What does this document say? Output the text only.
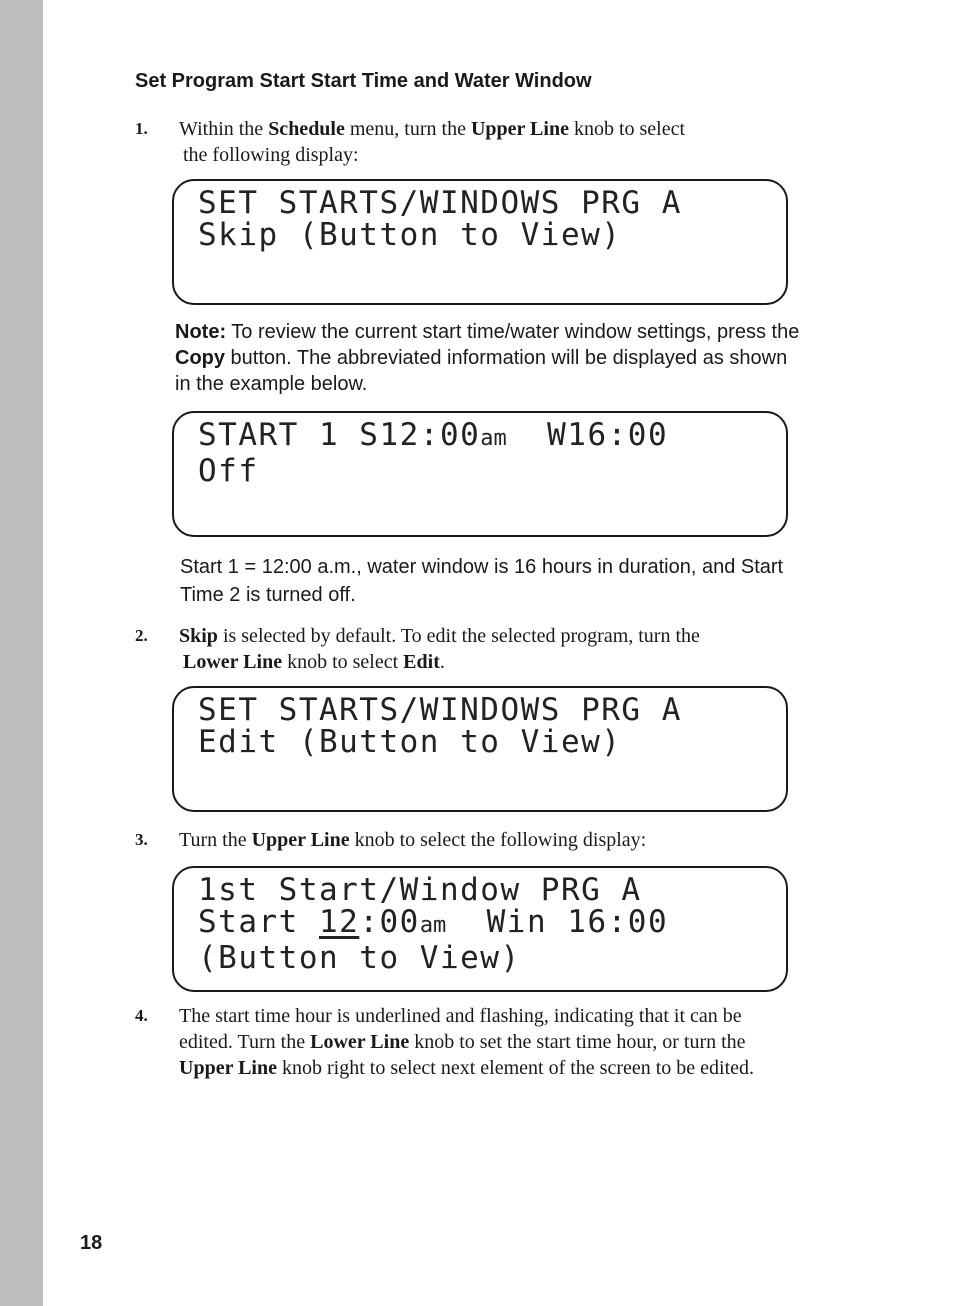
Set Program Start Start Time and Water Window
1. Within the Schedule menu, turn the Upper Line knob to select
the following display:
SET STARTS/WINDOWS PRG A
Skip (Button to View)
Note: To review the current start time/water window settings, press the Copy button. The abbreviated information will be displayed as shown in the example below.
START 1 S12:00am  W16:00
Off
Start 1 = 12:00 a.m., water window is 16 hours in duration, and Start Time 2 is turned off.
2. Skip is selected by default. To edit the selected program, turn the
Lower Line knob to select Edit.
SET STARTS/WINDOWS PRG A
Edit (Button to View)
3. Turn the Upper Line knob to select the following display:
1st Start/Window PRG A
Start 12:00am  Win 16:00
(Button to View)
4. The start time hour is underlined and flashing, indicating that it can be edited. Turn the Lower Line knob to set the start time hour, or turn the Upper Line knob right to select next element of the screen to be edited.
18
